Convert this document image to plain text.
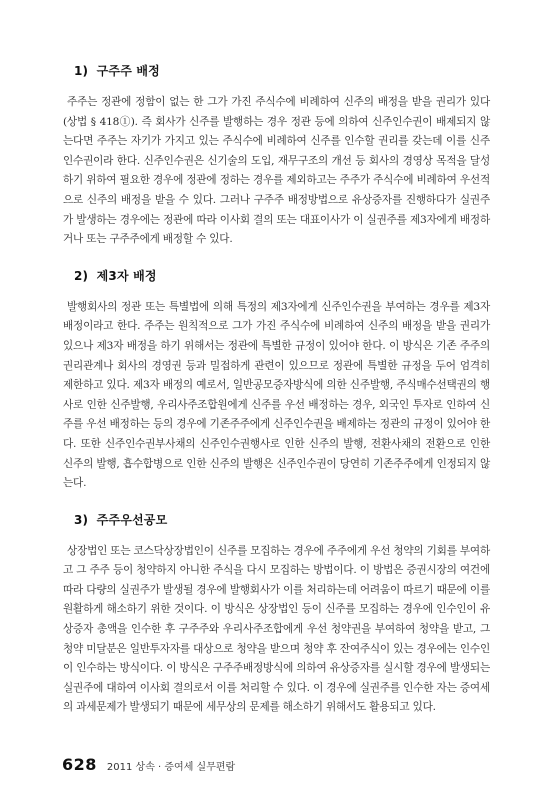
1) 구주주 배정

주주는 정관에 정함이 없는 한 그가 가진 주식수에 비례하여 신주의 배정을 받을 권리가 있다(상법 § 418①). 즉 회사가 신주를 발행하는 경우 정관 등에 의하여 신주인수권이 배제되지 않는다면 주주는 자기가 가지고 있는 주식수에 비례하여 신주를 인수할 권리를 갖는데 이를 신주인수권이라 한다. 신주인수권은 신기술의 도입, 재무구조의 개선 등 회사의 경영상 목적을 달성하기 위하여 필요한 경우에 정관에 정하는 경우를 제외하고는 주주가 주식수에 비례하여 우선적으로 신주의 배정을 받을 수 있다. 그러나 구주주 배정방법으로 유상증자를 진행하다가 실권주가 발생하는 경우에는 정관에 따라 이사회 결의 또는 대표이사가 이 실권주를 제3자에게 배정하거나 또는 구주주에게 배정할 수 있다.

2) 제3자 배정

발행회사의 정관 또는 특별법에 의해 특정의 제3자에게 신주인수권을 부여하는 경우를 제3자 배정이라고 한다. 주주는 원칙적으로 그가 가진 주식수에 비례하여 신주의 배정을 받을 권리가 있으나 제3자 배정을 하기 위해서는 정관에 특별한 규정이 있어야 한다. 이 방식은 기존 주주의 권리관계나 회사의 경영권 등과 밀접하게 관련이 있으므로 정관에 특별한 규정을 두어 엄격히 제한하고 있다. 제3자 배정의 예로서, 일반공모증자방식에 의한 신주발행, 주식매수선택권의 행사로 인한 신주발행, 우리사주조합원에게 신주를 우선 배정하는 경우, 외국인 투자로 인하여 신주를 우선 배정하는 등의 경우에 기존주주에게 신주인수권을 배제하는 정관의 규정이 있어야 한다. 또한 신주인수권부사채의 신주인수권행사로 인한 신주의 발행, 전환사채의 전환으로 인한 신주의 발행, 흡수합병으로 인한 신주의 발행은 신주인수권이 당연히 기존주주에게 인정되지 않는다.

3) 주주우선공모

상장법인 또는 코스닥상장법인이 신주를 모집하는 경우에 주주에게 우선 청약의 기회를 부여하고 그 주주 등이 청약하지 아니한 주식을 다시 모집하는 방법이다. 이 방법은 증권시장의 여건에 따라 다량의 실권주가 발생될 경우에 발행회사가 이를 처리하는데 어려움이 따르기 때문에 이를 원활하게 해소하기 위한 것이다. 이 방식은 상장법인 등이 신주를 모집하는 경우에 인수인이 유상증자 총액을 인수한 후 구주주와 우리사주조합에게 우선 청약권을 부여하여 청약을 받고, 그 청약 미달분은 일반투자자를 대상으로 청약을 받으며 청약 후 잔여주식이 있는 경우에는 인수인이 인수하는 방식이다. 이 방식은 구주주배정방식에 의하여 유상증자를 실시할 경우에 발생되는 실권주에 대하여 이사회 결의로서 이를 처리할 수 있다. 이 경우에 실권주를 인수한 자는 증여세의 과세문제가 발생되기 때문에 세무상의 문제를 해소하기 위해서도 활용되고 있다.

628 2011 상속 · 증여세 실무편람
